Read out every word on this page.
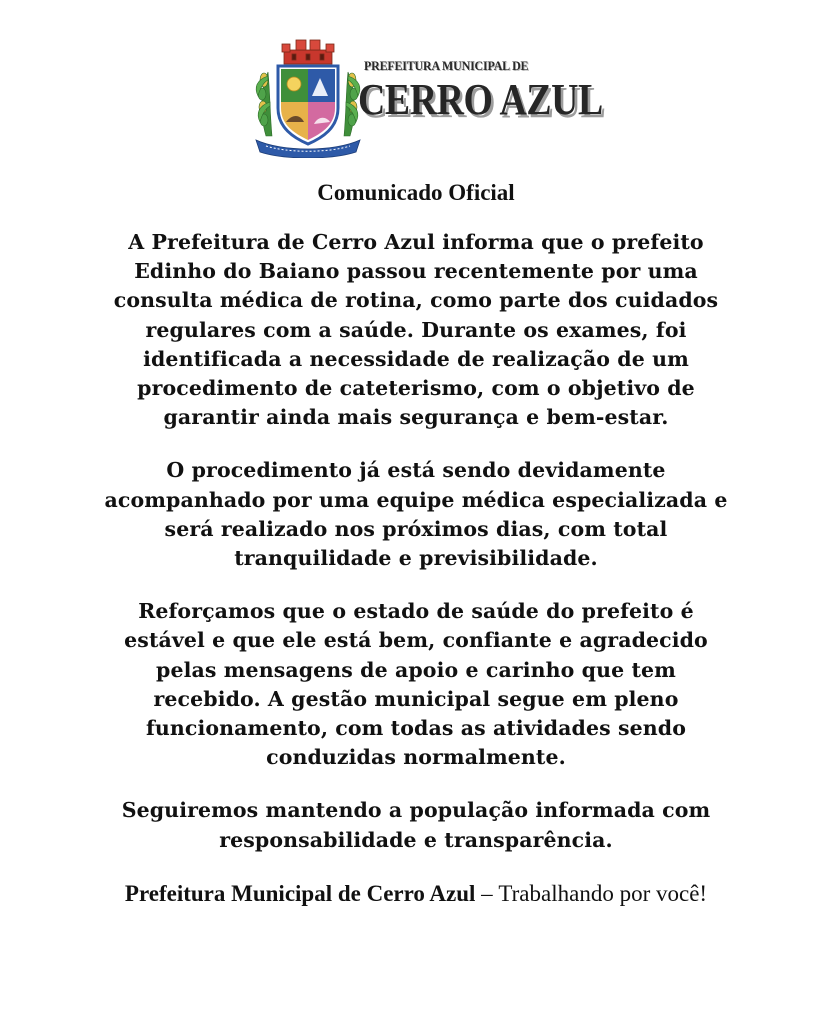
PREFEITURA MUNICIPAL DE
CERRO AZUL
Comunicado Oficial

A Prefeitura de Cerro Azul informa que o prefeito Edinho do Baiano passou recentemente por uma consulta médica de rotina, como parte dos cuidados regulares com a saúde. Durante os exames, foi identificada a necessidade de realização de um procedimento de cateterismo, com o objetivo de garantir ainda mais segurança e bem-estar.

O procedimento já está sendo devidamente acompanhado por uma equipe médica especializada e será realizado nos próximos dias, com total tranquilidade e previsibilidade.

Reforçamos que o estado de saúde do prefeito é estável e que ele está bem, confiante e agradecido pelas mensagens de apoio e carinho que tem recebido. A gestão municipal segue em pleno funcionamento, com todas as atividades sendo conduzidas normalmente.

Seguiremos mantendo a população informada com responsabilidade e transparência.

Prefeitura Municipal de Cerro Azul – Trabalhando por você!
